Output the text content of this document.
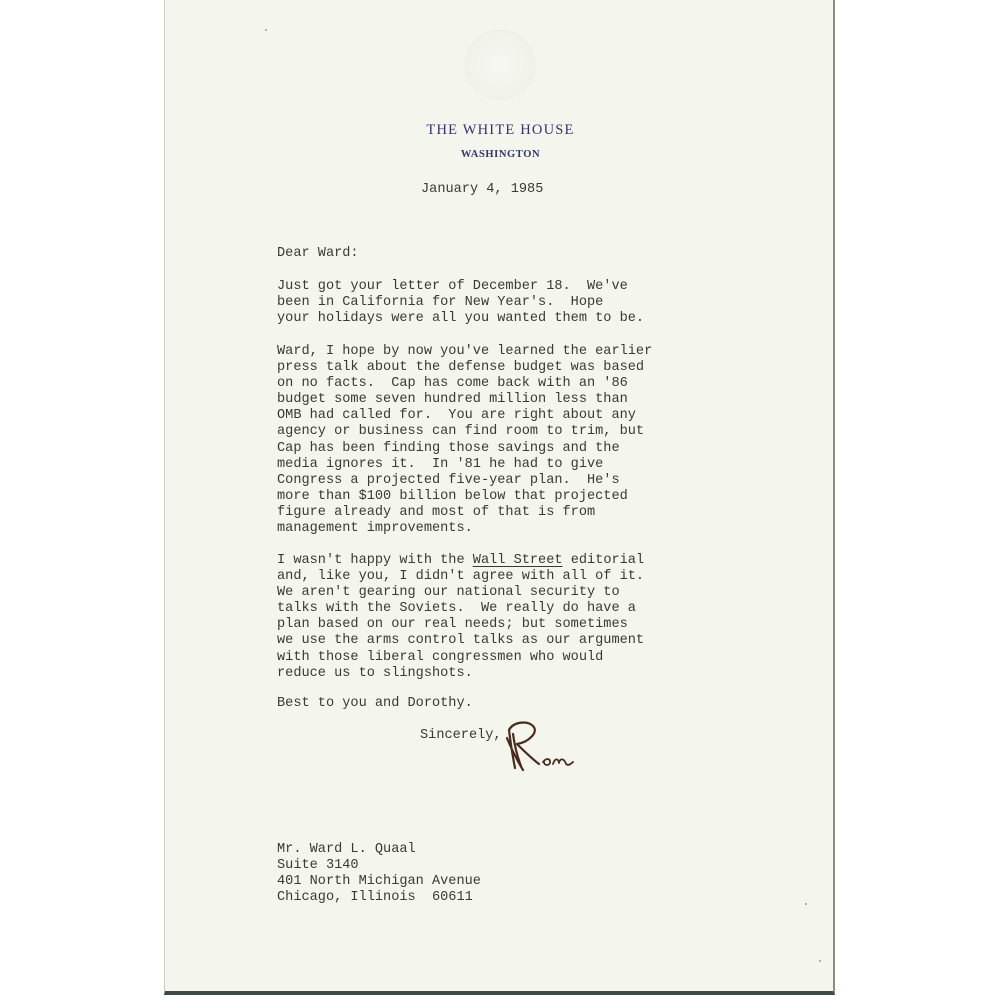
THE WHITE HOUSE
WASHINGTON
January 4, 1985
Dear Ward:
Just got your letter of December 18.  We've
been in California for New Year's.  Hope
your holidays were all you wanted them to be.
Ward, I hope by now you've learned the earlier
press talk about the defense budget was based
on no facts.  Cap has come back with an '86
budget some seven hundred million less than
OMB had called for.  You are right about any
agency or business can find room to trim, but
Cap has been finding those savings and the
media ignores it.  In '81 he had to give
Congress a projected five-year plan.  He's
more than $100 billion below that projected
figure already and most of that is from
management improvements.
I wasn't happy with the Wall Street editorial
and, like you, I didn't agree with all of it.
We aren't gearing our national security to
talks with the Soviets.  We really do have a
plan based on our real needs; but sometimes
we use the arms control talks as our argument
with those liberal congressmen who would
reduce us to slingshots.
Best to you and Dorothy.
Sincerely,
Mr. Ward L. Quaal
Suite 3140
401 North Michigan Avenue
Chicago, Illinois  60611
